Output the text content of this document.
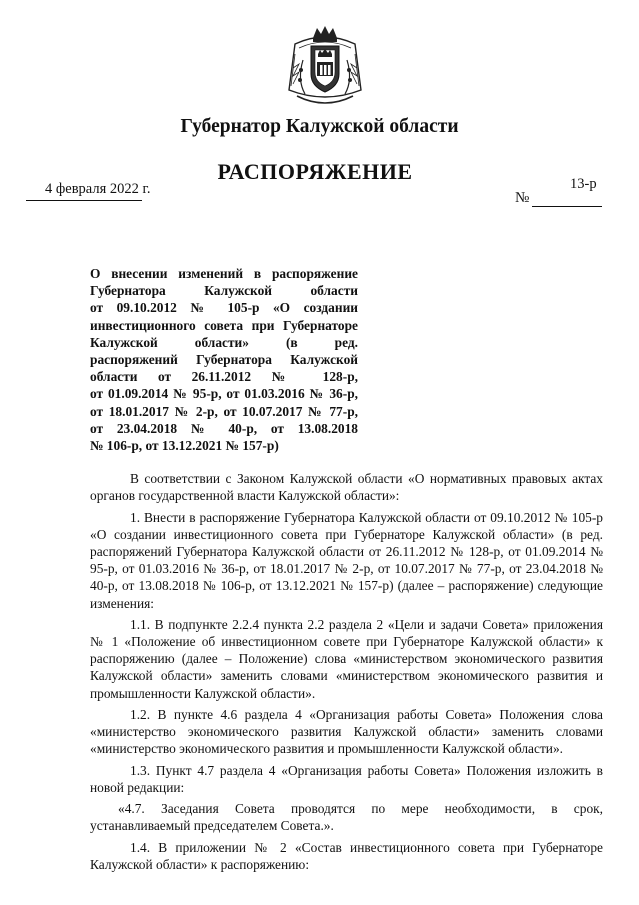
Губернатор Калужской области
РАСПОРЯЖЕНИЕ
4 февраля 2022 г.
№
13-р
О внесении изменений в распоряжение
Губернатора Калужской области
от 09.10.2012 № 105-р «О создании
инвестиционного совета при Губернаторе
Калужской области» (в ред.
распоряжений Губернатора Калужской
области от 26.11.2012 № 128-р,
от 01.09.2014 № 95-р, от 01.03.2016 № 36-р,
от 18.01.2017 № 2-р, от 10.07.2017 № 77-р,
от 23.04.2018 № 40-р, от 13.08.2018
№ 106-р, от 13.12.2021 № 157-р)

В соответствии с Законом Калужской области «О нормативных правовых актах органов государственной власти Калужской области»:

1. Внести в распоряжение Губернатора Калужской области от 09.10.2012 № 105-р «О создании инвестиционного совета при Губернаторе Калужской области» (в ред. распоряжений Губернатора Калужской области от 26.11.2012 № 128-р, от 01.09.2014 № 95-р, от 01.03.2016 № 36-р, от 18.01.2017 № 2-р, от 10.07.2017 № 77-р, от 23.04.2018 № 40-р, от 13.08.2018 № 106-р, от 13.12.2021 № 157-р) (далее – распоряжение) следующие изменения:

1.1. В подпункте 2.2.4 пункта 2.2 раздела 2 «Цели и задачи Совета» приложения № 1 «Положение об инвестиционном совете при Губернаторе Калужской области» к распоряжению (далее – Положение) слова «министерством экономического развития Калужской области» заменить словами «министерством экономического развития и промышленности Калужской области».

1.2. В пункте 4.6 раздела 4 «Организация работы Совета» Положения слова «министерство экономического развития Калужской области» заменить словами «министерство экономического развития и промышленности Калужской области».

1.3. Пункт 4.7 раздела 4 «Организация работы Совета» Положения изложить в новой редакции:

«4.7. Заседания Совета проводятся по мере необходимости, в срок, устанавливаемый председателем Совета.».

1.4. В приложении № 2 «Состав инвестиционного совета при Губернаторе Калужской области» к распоряжению:
